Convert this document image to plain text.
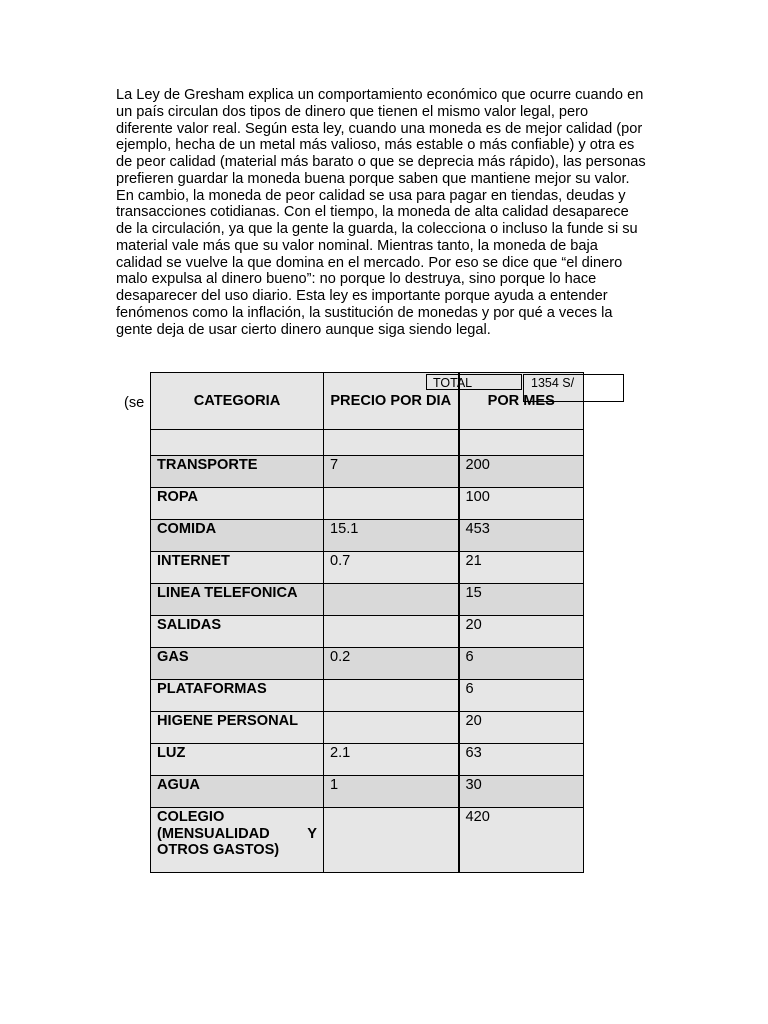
La Ley de Gresham explica un comportamiento económico que ocurre cuando en un país circulan dos tipos de dinero que tienen el mismo valor legal, pero diferente valor real. Según esta ley, cuando una moneda es de mejor calidad (por ejemplo, hecha de un metal más valioso, más estable o más confiable) y otra es de peor calidad (material más barato o que se deprecia más rápido), las personas prefieren guardar la moneda buena porque saben que mantiene mejor su valor. En cambio, la moneda de peor calidad se usa para pagar en tiendas, deudas y transacciones cotidianas. Con el tiempo, la moneda de alta calidad desaparece de la circulación, ya que la gente la guarda, la colecciona o incluso la funde si su material vale más que su valor nominal. Mientras tanto, la moneda de baja calidad se vuelve la que domina en el mercado. Por eso se dice que “el dinero malo expulsa al dinero bueno”: no porque lo destruya, sino porque lo hace desaparecer del uso diario. Esta ley es importante porque ayuda a entender fenómenos como la inflación, la sustitución de monedas y por qué a veces la gente deja de usar cierto dinero aunque siga siendo legal.

(se	CATEGORIA	PRECIO POR DIA	POR MES

TRANSPORTE	7	200
ROPA		100
COMIDA	15.1	453
INTERNET	0.7	21
LINEA TELEFONICA		15
SALIDAS		20
GAS	0.2	6
PLATAFORMAS		6
HIGENE PERSONAL		20
LUZ	2.1	63
AGUA	1	30

COLEGIO (MENSUALIDAD Y OTROS GASTOS)		420
TOTAL	1354 S/
